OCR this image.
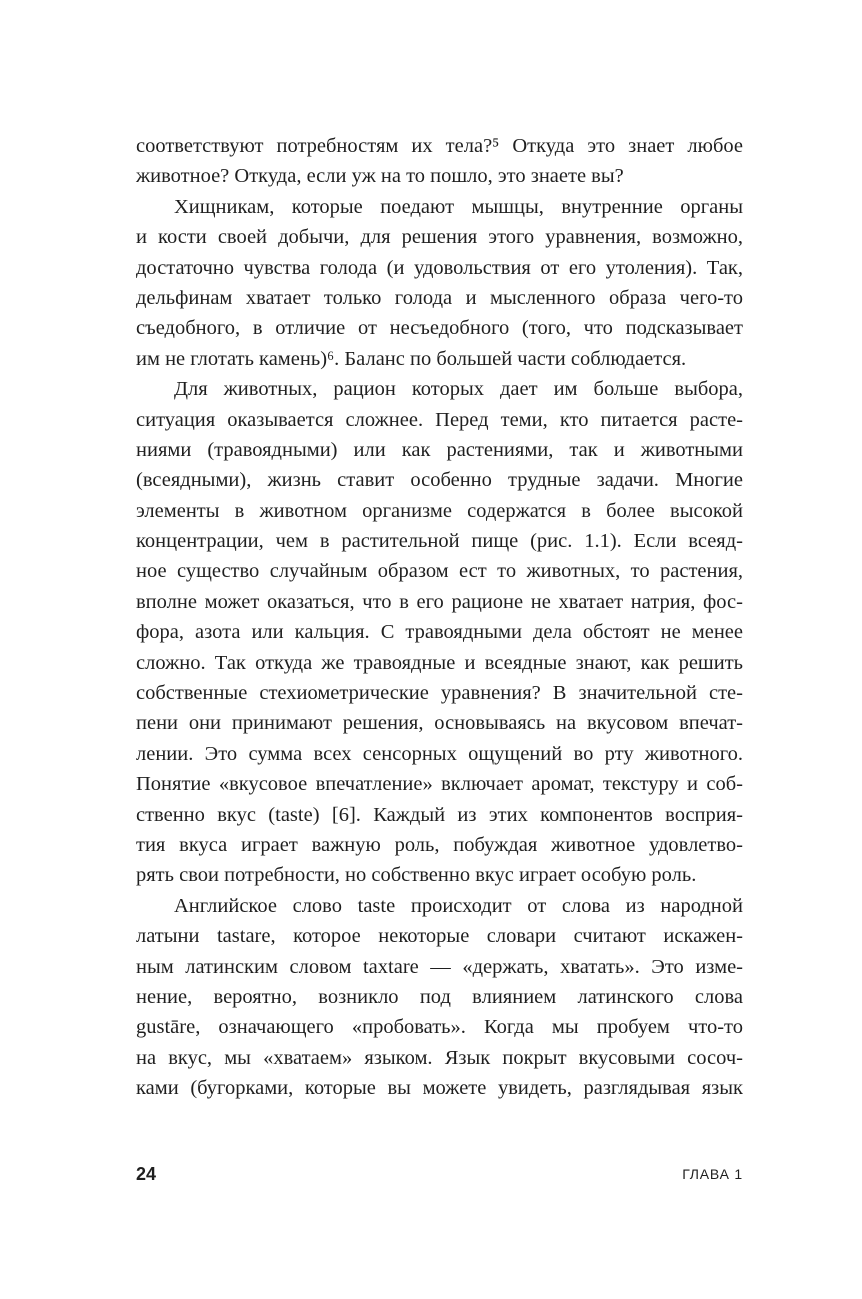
соответствуют потребностям их тела?⁵ Откуда это знает любое
животное? Откуда, если уж на то пошло, это знаете вы?

Хищникам, которые поедают мышцы, внутренние органы
и кости своей добычи, для решения этого уравнения, возможно,
достаточно чувства голода (и удовольствия от его утоления). Так,
дельфинам хватает только голода и мысленного образа чего-то
съедобного, в отличие от несъедобного (того, что подсказывает
им не глотать камень)⁶. Баланс по большей части соблюдается.

Для животных, рацион которых дает им больше выбора,
ситуация оказывается сложнее. Перед теми, кто питается расте-
ниями (травоядными) или как растениями, так и животными
(всеядными), жизнь ставит особенно трудные задачи. Многие
элементы в животном организме содержатся в более высокой
концентрации, чем в растительной пище (рис. 1.1). Если всеяд-
ное существо случайным образом ест то животных, то растения,
вполне может оказаться, что в его рационе не хватает натрия, фос-
фора, азота или кальция. С травоядными дела обстоят не менее
сложно. Так откуда же травоядные и всеядные знают, как решить
собственные стехиометрические уравнения? В значительной сте-
пени они принимают решения, основываясь на вкусовом впечат-
лении. Это сумма всех сенсорных ощущений во рту животного.
Понятие «вкусовое впечатление» включает аромат, текстуру и соб-
ственно вкус (taste) [6]. Каждый из этих компонентов восприя-
тия вкуса играет важную роль, побуждая животное удовлетво-
рять свои потребности, но собственно вкус играет особую роль.

Английское слово taste происходит от слова из народной
латыни tastare, которое некоторые словари считают искажен-
ным латинским словом taxtare — «держать, хватать». Это изме-
нение, вероятно, возникло под влиянием латинского слова
gustāre, означающего «пробовать». Когда мы пробуем что-то
на вкус, мы «хватаем» языком. Язык покрыт вкусовыми сосоч-
ками (бугорками, которые вы можете увидеть, разглядывая язык

24	ГЛАВА 1
